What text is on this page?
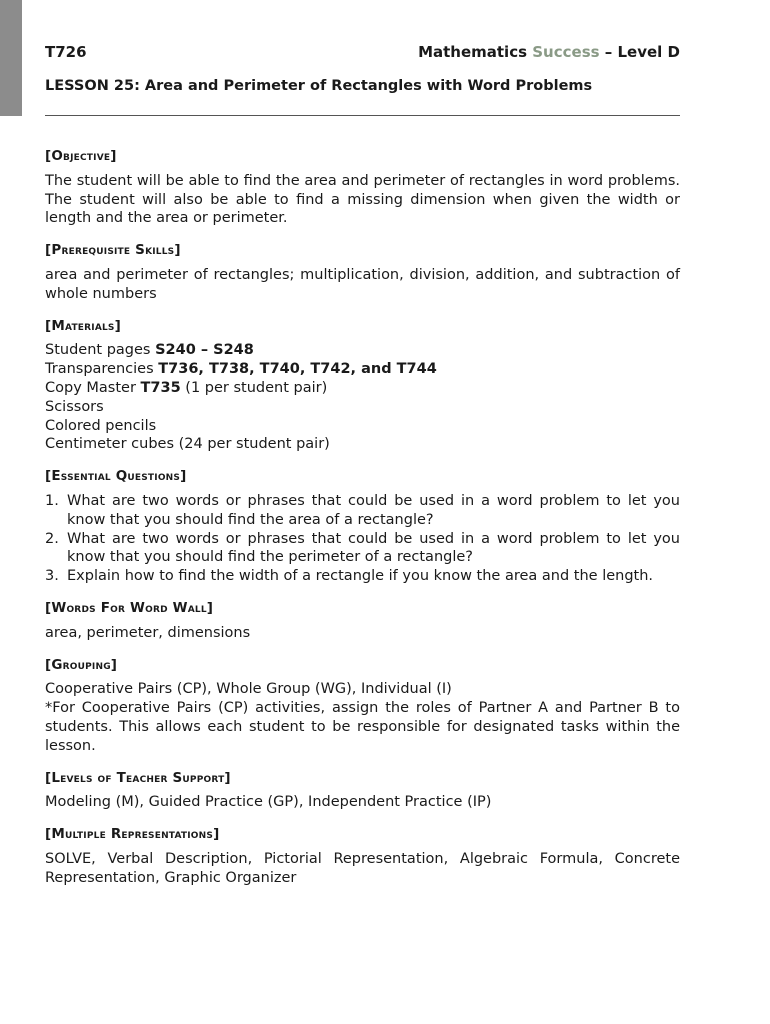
T726	Mathematics Success – Level D
LESSON 25: Area and Perimeter of Rectangles with Word Problems
[Objective]

The student will be able to find the area and perimeter of rectangles in word problems. The student will also be able to find a missing dimension when given the width or length and the area or perimeter.

[Prerequisite Skills]

area and perimeter of rectangles; multiplication, division, addition, and subtraction of whole numbers

[Materials]

Student pages S240 – S248

Transparencies T736, T738, T740, T742, and T744

Copy Master T735 (1 per student pair)

Scissors

Colored pencils

Centimeter cubes (24 per student pair)

[Essential Questions]
1. What are two words or phrases that could be used in a word problem to let you know that you should find the area of a rectangle?
2. What are two words or phrases that could be used in a word problem to let you know that you should find the perimeter of a rectangle?
3. Explain how to find the width of a rectangle if you know the area and the length.
[Words For Word Wall]

area, perimeter, dimensions

[Grouping]

Cooperative Pairs (CP), Whole Group (WG), Individual (I)

*For Cooperative Pairs (CP) activities, assign the roles of Partner A and Partner B to students. This allows each student to be responsible for designated tasks within the lesson.

[Levels of Teacher Support]

Modeling (M), Guided Practice (GP), Independent Practice (IP)

[Multiple Representations]

SOLVE, Verbal Description, Pictorial Representation, Algebraic Formula, Concrete Representation, Graphic Organizer
